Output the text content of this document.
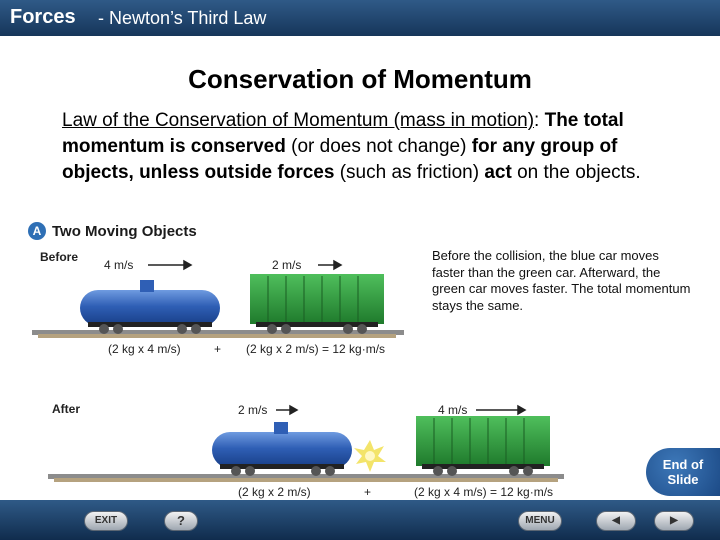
Forces - Newton’s Third Law
Conservation of Momentum
Law of the Conservation of Momentum (mass in motion): The total momentum is conserved (or does not change) for any group of objects, unless outside forces (such as friction) act on the objects.
A Two Moving Objects
Before
4 m/s	2 m/s
(2 kg x 4 m/s)	+ (2 kg x 2 m/s) = 12 kg·m/s
Before the collision, the blue car moves faster than the green car. Afterward, the green car moves faster. The total momentum stays the same.
After	2 m/s	4 m/s
(2 kg x 2 m/s)	+	(2 kg x 4 m/s) = 12 kg·m/s
End of
Slide
EXIT	?	MENU	◀	▶
